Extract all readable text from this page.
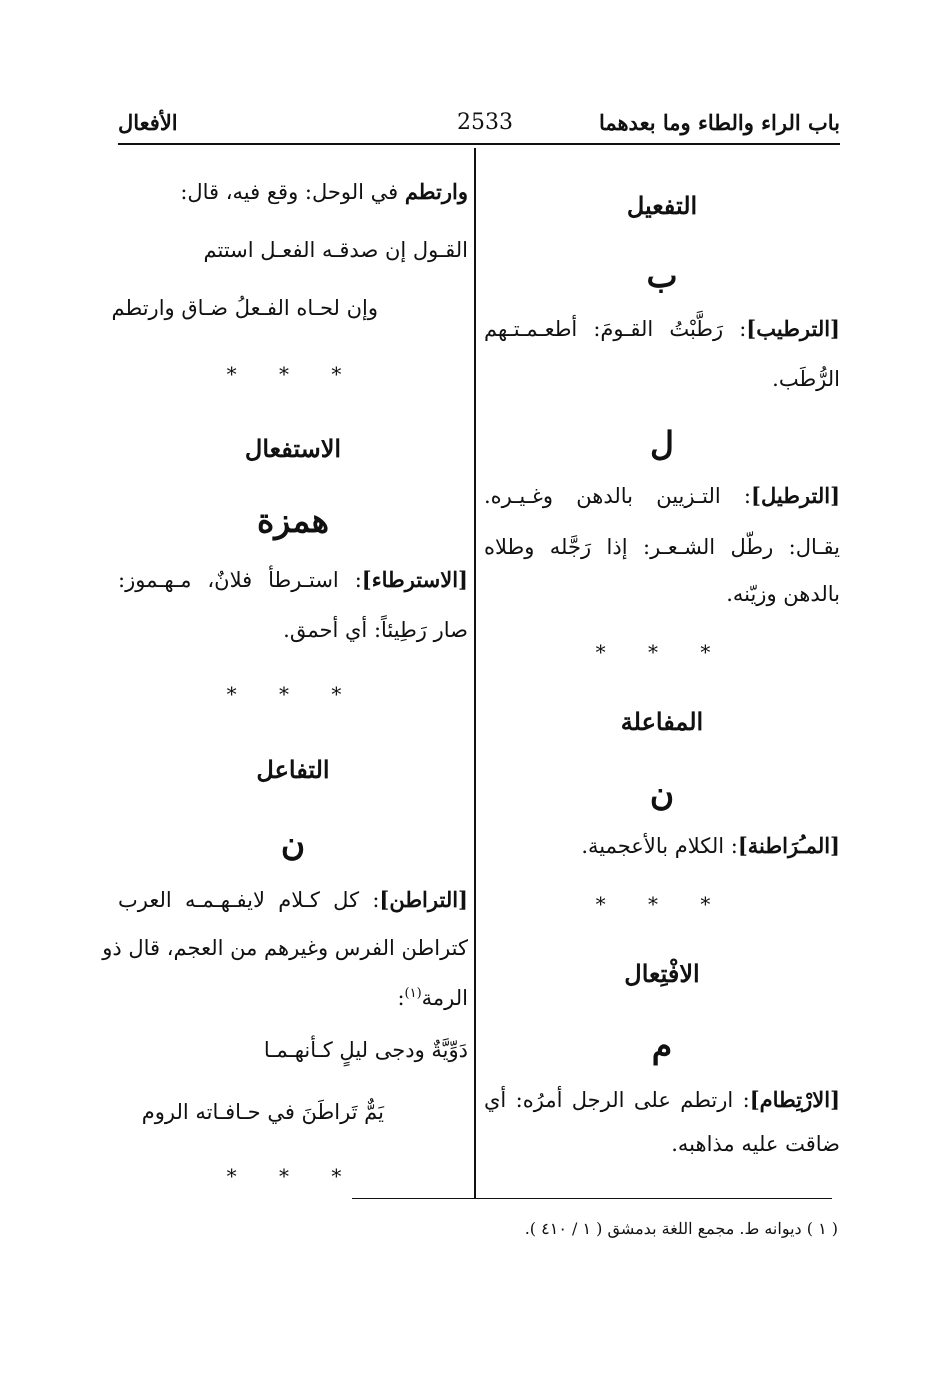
باب الراء والطاء وما بعدهما
2533
الأفعال
التفعيل
ب
[الترطيب]: رَطَّبْتُ القـومَ: أطعـمـتـهم
الرُّطَب.
ل
[الترطيل]: التـزيين بالدهن وغـيـره.
يقـال: رطّل الشـعـر: إذا رَجَّله وطلاه
بالدهن وزيّنه.
* * *
المفاعلة
ن
[المـُرَاطنة]: الكلام بالأعجمية.
* * *
الافْتِعال
م
[الارْتِطام]: ارتطم على الرجل أمرُه: أي
ضاقت عليه مذاهبه.
وارتطم في الوحل: وقع فيه، قال:
القـول إن صدقـه الفعـل استتم
وإن لحـاه الفـعلُ ضـاق وارتطم
* * *
الاستفعال
همزة
[الاسترطاء]: استـرطأ فلانٌ، مـهـموز:
صار رَطِيئاً: أي أحمق.
* * *
التفاعل
ن
[التراطن]: كل كـلام لايفـهـمـه العرب
كتراطن الفرس وغيرهم من العجم، قال ذو
الرمة$^{(١)}$:
دَوِّيَّةٌ ودجى ليلٍ كـأنهـمـا
يَمٌّ تَراطَنَ في حـافـاته الروم
* * *
( ١ ) ديوانه ط. مجمع اللغة بدمشق ( ١ / ٤١٠ ).
